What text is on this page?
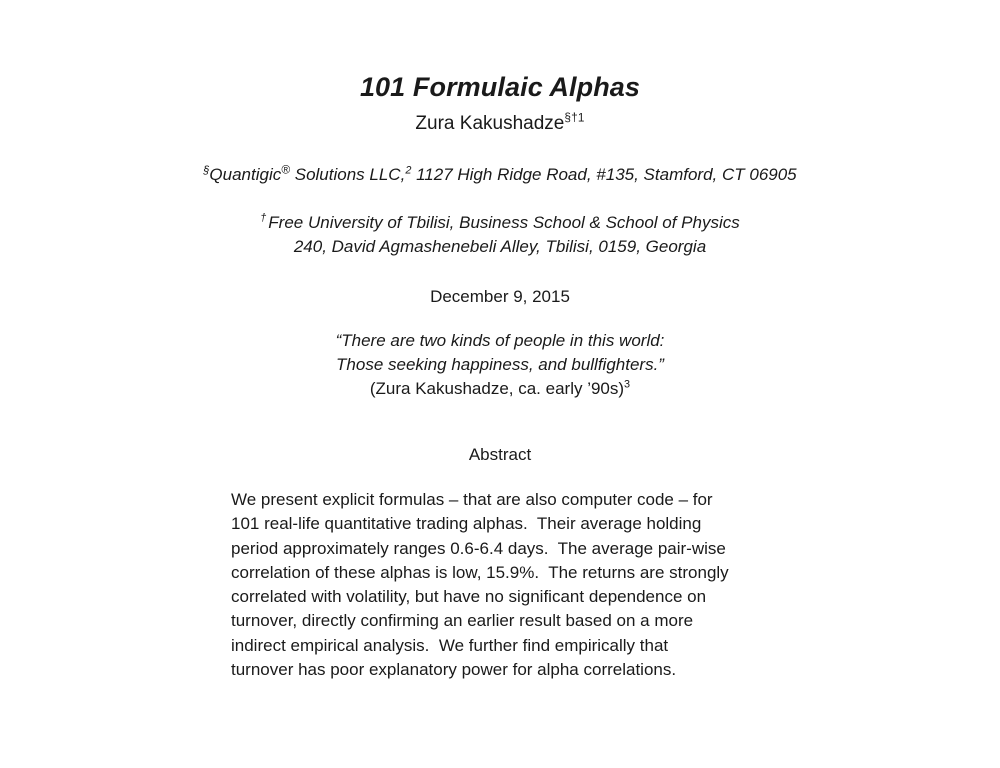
101 Formulaic Alphas
Zura Kakushadze$^{\S\dagger 1}$
§Quantigic® Solutions LLC,$^2$ 1127 High Ridge Road, #135, Stamford, CT 06905
† Free University of Tbilisi, Business School & School of Physics
240, David Agmashenebeli Alley, Tbilisi, 0159, Georgia
December 9, 2015
“There are two kinds of people in this world:
Those seeking happiness, and bullfighters.”
(Zura Kakushadze, ca. early ’90s)$^3$
Abstract
We present explicit formulas – that are also computer code – for
101 real-life quantitative trading alphas.  Their average holding
period approximately ranges 0.6-6.4 days.  The average pair-wise
correlation of these alphas is low, 15.9%.  The returns are strongly
correlated with volatility, but have no significant dependence on
turnover, directly confirming an earlier result based on a more
indirect empirical analysis.  We further find empirically that
turnover has poor explanatory power for alpha correlations.
